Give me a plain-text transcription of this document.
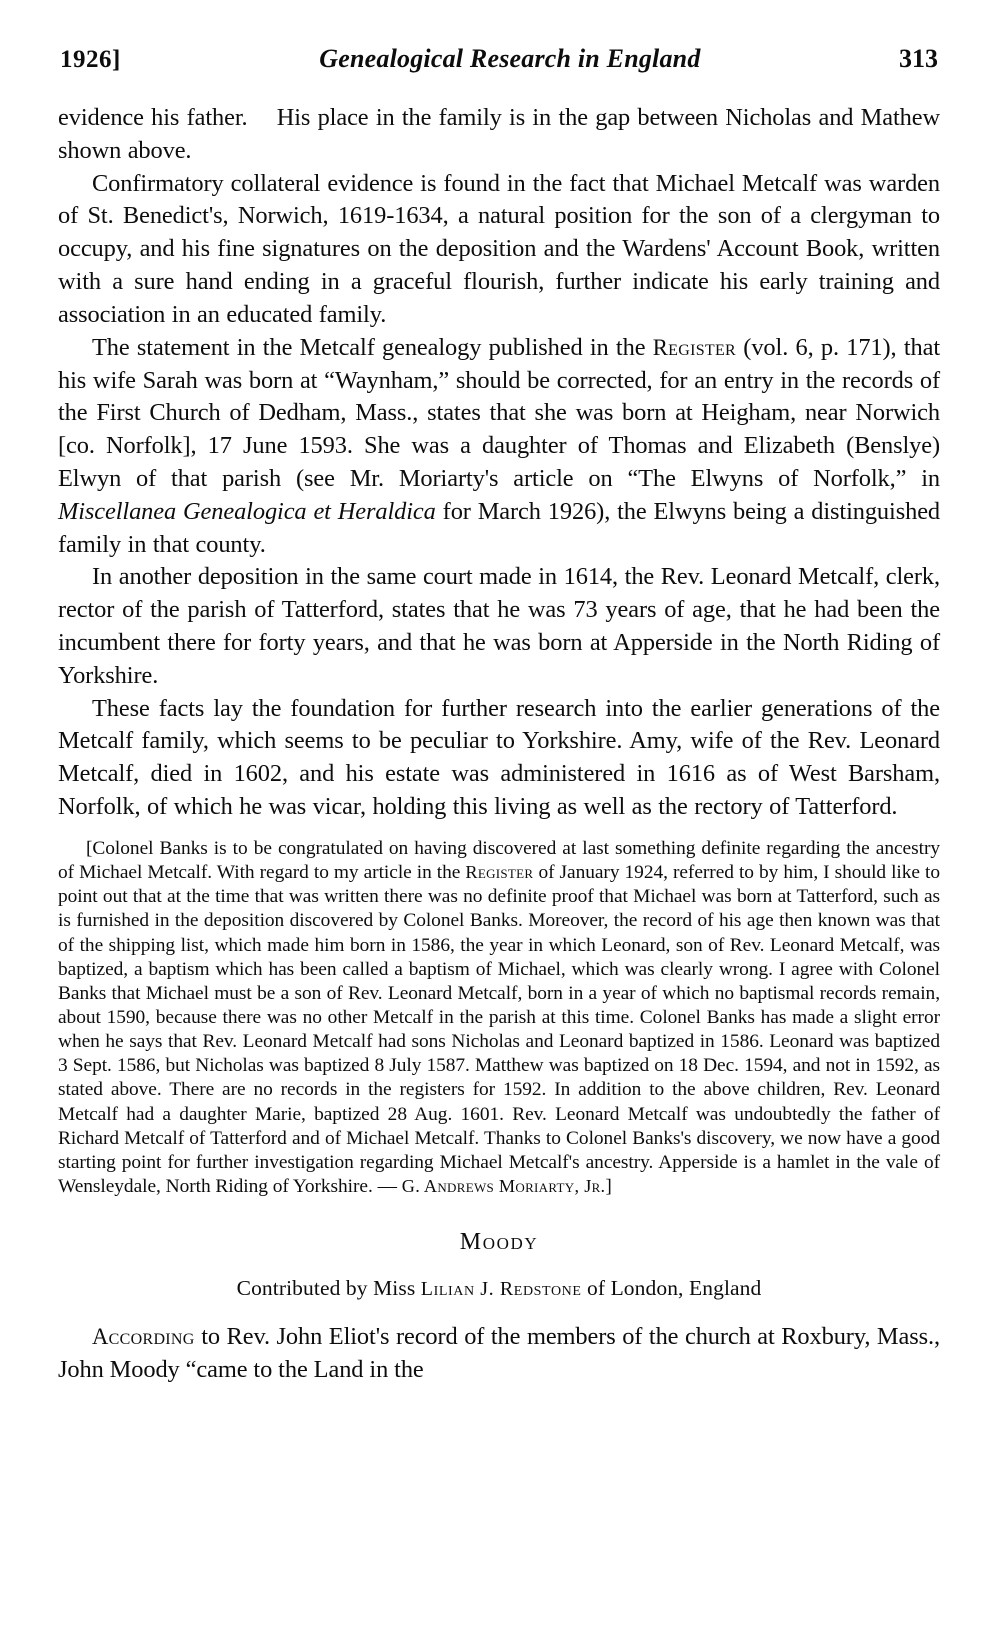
1926]	Genealogical Research in England	313

evidence his father. His place in the family is in the gap between Nicholas and Mathew shown above.

Confirmatory collateral evidence is found in the fact that Michael Metcalf was warden of St. Benedict's, Norwich, 1619-1634, a natural position for the son of a clergyman to occupy, and his fine signatures on the deposition and the Wardens' Account Book, written with a sure hand ending in a graceful flourish, further indicate his early training and association in an educated family.

The statement in the Metcalf genealogy published in the Register (vol. 6, p. 171), that his wife Sarah was born at “Waynham,” should be corrected, for an entry in the records of the First Church of Dedham, Mass., states that she was born at Heigham, near Norwich [co. Norfolk], 17 June 1593. She was a daughter of Thomas and Elizabeth (Benslye) Elwyn of that parish (see Mr. Moriarty's article on “The Elwyns of Norfolk,” in Miscellanea Genealogica et Heraldica for March 1926), the Elwyns being a distinguished family in that county.

In another deposition in the same court made in 1614, the Rev. Leonard Metcalf, clerk, rector of the parish of Tatterford, states that he was 73 years of age, that he had been the incumbent there for forty years, and that he was born at Apperside in the North Riding of Yorkshire.

These facts lay the foundation for further research into the earlier generations of the Metcalf family, which seems to be peculiar to Yorkshire. Amy, wife of the Rev. Leonard Metcalf, died in 1602, and his estate was administered in 1616 as of West Barsham, Norfolk, of which he was vicar, holding this living as well as the rectory of Tatterford.

[Colonel Banks is to be congratulated on having discovered at last something definite regarding the ancestry of Michael Metcalf. With regard to my article in the Register of January 1924, referred to by him, I should like to point out that at the time that was written there was no definite proof that Michael was born at Tatterford, such as is furnished in the deposition discovered by Colonel Banks. Moreover, the record of his age then known was that of the shipping list, which made him born in 1586, the year in which Leonard, son of Rev. Leonard Metcalf, was baptized, a baptism which has been called a baptism of Michael, which was clearly wrong. I agree with Colonel Banks that Michael must be a son of Rev. Leonard Metcalf, born in a year of which no baptismal records remain, about 1590, because there was no other Metcalf in the parish at this time. Colonel Banks has made a slight error when he says that Rev. Leonard Metcalf had sons Nicholas and Leonard baptized in 1586. Leonard was baptized 3 Sept. 1586, but Nicholas was baptized 8 July 1587. Matthew was baptized on 18 Dec. 1594, and not in 1592, as stated above. There are no records in the registers for 1592. In addition to the above children, Rev. Leonard Metcalf had a daughter Marie, baptized 28 Aug. 1601. Rev. Leonard Metcalf was undoubtedly the father of Richard Metcalf of Tatterford and of Michael Metcalf. Thanks to Colonel Banks's discovery, we now have a good starting point for further investigation regarding Michael Metcalf's ancestry. Apperside is a hamlet in the vale of Wensleydale, North Riding of Yorkshire. — G. Andrews Moriarty, Jr.]
Moody
Contributed by Miss Lilian J. Redstone of London, England

According to Rev. John Eliot's record of the members of the church at Roxbury, Mass., John Moody “came to the Land in the
